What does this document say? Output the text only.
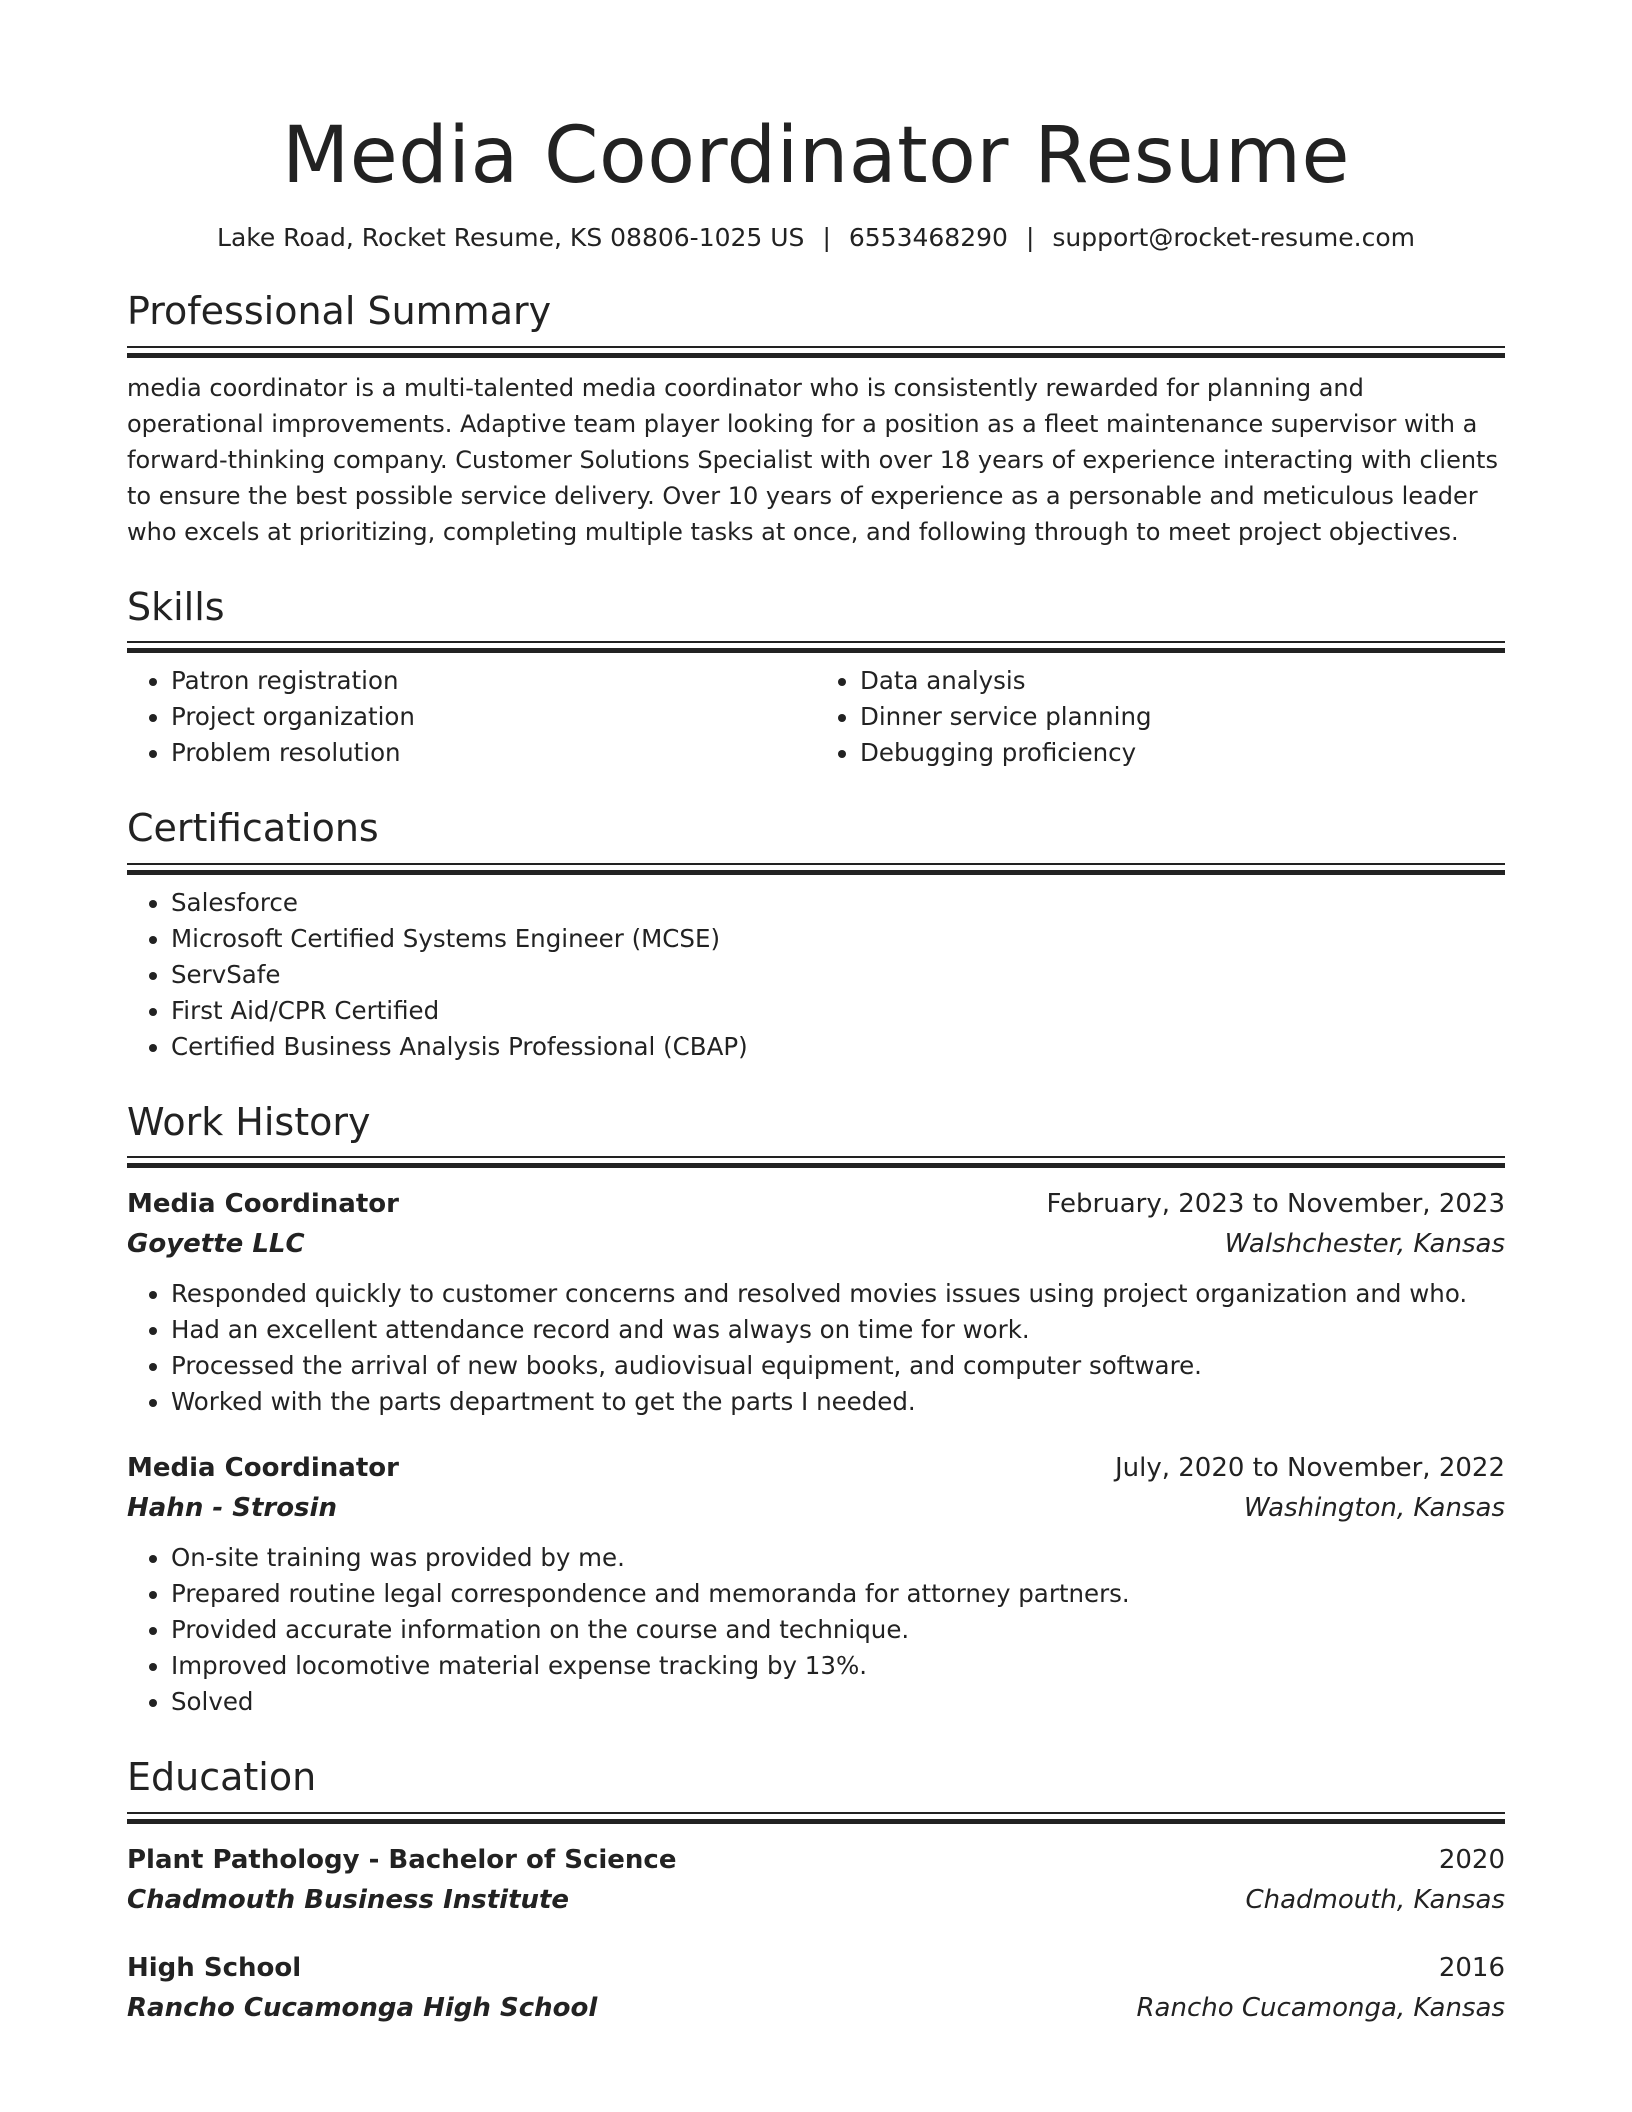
Media Coordinator Resume
Lake Road, Rocket Resume, KS 08806-1025 US | 6553468290 | support@rocket-resume.com
Professional Summary
media coordinator is a multi-talented media coordinator who is consistently rewarded for planning and operational improvements. Adaptive team player looking for a position as a fleet maintenance supervisor with a forward-thinking company. Customer Solutions Specialist with over 18 years of experience interacting with clients to ensure the best possible service delivery. Over 10 years of experience as a personable and meticulous leader who excels at prioritizing, completing multiple tasks at once, and following through to meet project objectives.
Skills
• Patron registration
• Project organization
• Problem resolution
• Data analysis
• Dinner service planning
• Debugging proficiency
Certifications
• Salesforce
• Microsoft Certified Systems Engineer (MCSE)
• ServSafe
• First Aid/CPR Certified
• Certified Business Analysis Professional (CBAP)
Work History
Media Coordinator	February, 2023 to November, 2023
Goyette LLC	Walshchester, Kansas
• Responded quickly to customer concerns and resolved movies issues using project organization and who.
• Had an excellent attendance record and was always on time for work.
• Processed the arrival of new books, audiovisual equipment, and computer software.
• Worked with the parts department to get the parts I needed.
Media Coordinator	July, 2020 to November, 2022
Hahn - Strosin	Washington, Kansas
• On-site training was provided by me.
• Prepared routine legal correspondence and memoranda for attorney partners.
• Provided accurate information on the course and technique.
• Improved locomotive material expense tracking by 13%.
• Solved
Education
Plant Pathology - Bachelor of Science	2020
Chadmouth Business Institute	Chadmouth, Kansas
High School	2016
Rancho Cucamonga High School	Rancho Cucamonga, Kansas
